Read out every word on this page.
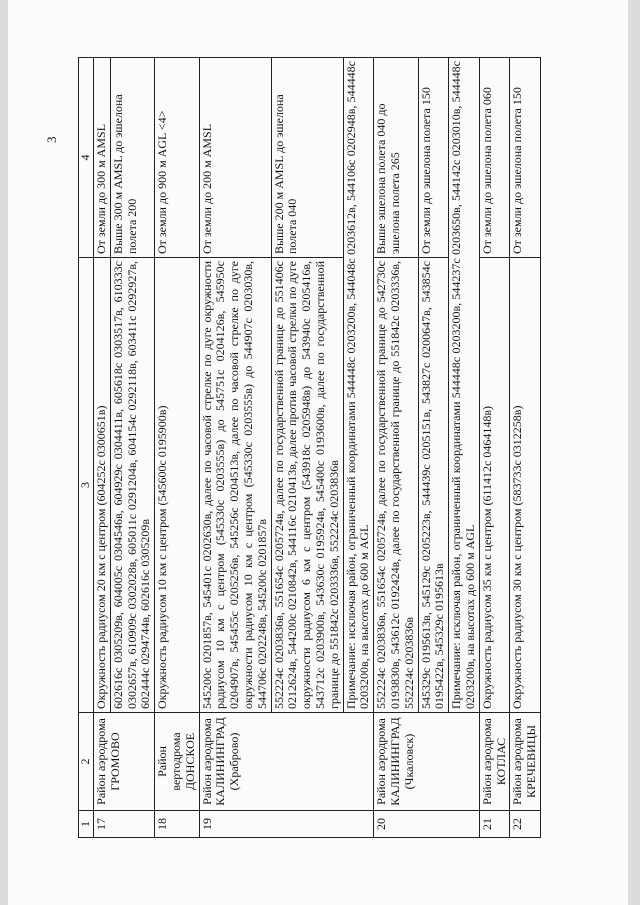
3
1	2	3	4
17	Район аэродрома ГРОМОВО	Окружность радиусом 20 км с центром (604252с 0300651в)	От земли до 300 м AMSL
		602616с 0305209в, 604005с 0304546в, 604929с 0304411в, 605618с 0303517в, 610333с 0302657в, 610909с 0302028в, 605011с 0291204в, 604154с 0292118в, 603411с 0292927в, 602444с 0294744в, 602616с 0305209в	Выше 300 м AMSL до эшелона полета 200
18	Район вертодрома ДОНСКОЕ	Окружность радиусом 10 км с центром (545600с 0195900в)	От земли до 900 м AGL <4>
19	Район аэродрома КАЛИНИНГРАД (Храброво)	545200с 0201857в, 545401с 0202630в, далее по часовой стрелке по дуге окружности радиусом 10 км с центром (545330с 0203555в) до 545751с 0204126в, 545950с 0204907в, 545455с 0205256в, 545256с 0204513в, далее по часовой стрелке по дуге окружности радиусом 10 км с центром (545330с 0203555в) до 544907с 0203030в, 544706с 0202248в, 545200с 0201857в	От земли до 200 м AMSL
		552224с 0203836в, 551654с 0205724в, далее по государственной границе до 551406с 0212624в, 544200с 0210842в, 544116с 0210413в, далее против часовой стрелки по дуге окружности радиусом 6 км с центром (543918с 0205948в) до 543940с 0205416в, 543712с 0203900в, 543630с 0195924в, 545400с 0193600в, далее по государственной границе до 551842с 0203336в, 552224с 0203836в	Выше 200 м AMSL до эшелона полета 040
		Примечание: исключая район, ограниченный координатами 544448с 0203200в, 544048с 0203612в, 544106с 0202948в, 544448с 0203200в, на высотах до 600 м AGL	
20	Район аэродрома КАЛИНИНГРАД (Чкаловск)	552224с 0203836в, 551654с 0205724в, далее по государственной границе до 542730с 0193830в, 543612с 0192424в, далее по государственной границе до 551842с 0203336в, 552224с 0203836в	Выше эшелона полета 040 до эшелона полета 265
		545329с 0195613в, 545129с 0205223в, 544439с 0205151в, 543827с 0200647в, 543854с 0195422в, 545329с 0195613в	От земли до эшелона полета 150
		Примечание: исключая район, ограниченный координатами 544448с 0203200в, 544237с 0203650в, 544142с 0203010в, 544448с 0203200в, на высотах до 600 м AGL	
21	Район аэродрома КОТЛАС	Окружность радиусом 35 км с центром (611412с 0464148в)	От земли до эшелона полета 060
22	Район аэродрома КРЕЧЕВИЦЫ	Окружность радиусом 30 км с центром (583733с 0312258в)	От земли до эшелона полета 150
